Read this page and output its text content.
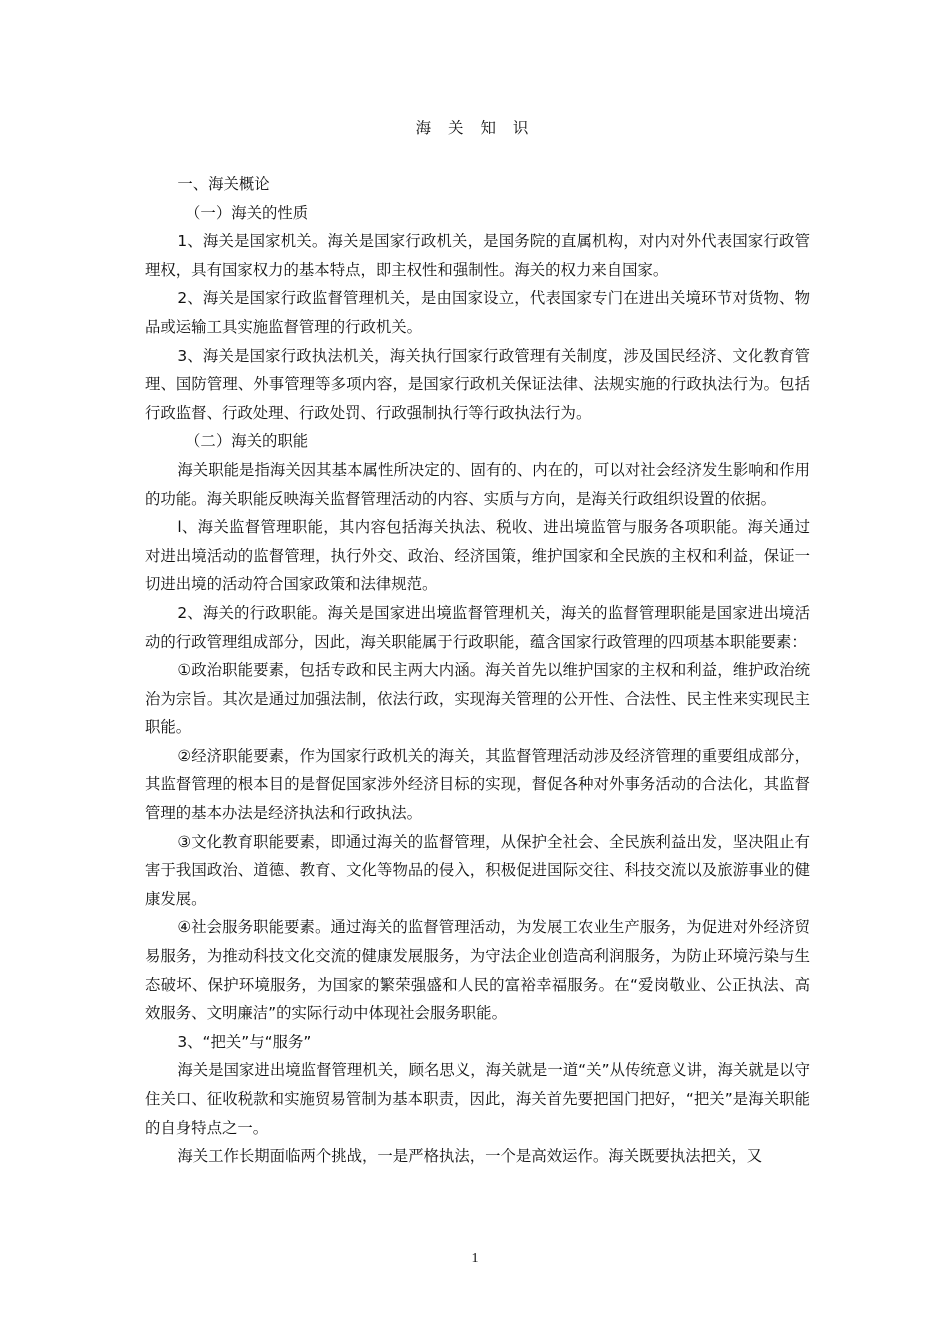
海 关 知 识

一、海关概论

（一）海关的性质

1、海关是国家机关。海关是国家行政机关，是国务院的直属机构，对内对外代表国家行政管理权，具有国家权力的基本特点，即主权性和强制性。海关的权力来自国家。

2、海关是国家行政监督管理机关，是由国家设立，代表国家专门在进出关境环节对货物、物品或运输工具实施监督管理的行政机关。

3、海关是国家行政执法机关，海关执行国家行政管理有关制度，涉及国民经济、文化教育管理、国防管理、外事管理等多项内容，是国家行政机关保证法律、法规实施的行政执法行为。包括行政监督、行政处理、行政处罚、行政强制执行等行政执法行为。

（二）海关的职能

海关职能是指海关因其基本属性所决定的、固有的、内在的，可以对社会经济发生影响和作用的功能。海关职能反映海关监督管理活动的内容、实质与方向，是海关行政组织设置的依据。

l、海关监督管理职能，其内容包括海关执法、税收、进出境监管与服务各项职能。海关通过对进出境活动的监督管理，执行外交、政治、经济国策，维护国家和全民族的主权和利益，保证一切进出境的活动符合国家政策和法律规范。

2、海关的行政职能。海关是国家进出境监督管理机关，海关的监督管理职能是国家进出境活动的行政管理组成部分，因此，海关职能属于行政职能，蕴含国家行政管理的四项基本职能要素：

①政治职能要素，包括专政和民主两大内涵。海关首先以维护国家的主权和利益，维护政治统治为宗旨。其次是通过加强法制，依法行政，实现海关管理的公开性、合法性、民主性来实现民主职能。

②经济职能要素，作为国家行政机关的海关，其监督管理活动涉及经济管理的重要组成部分，其监督管理的根本目的是督促国家涉外经济目标的实现，督促各种对外事务活动的合法化，其监督管理的基本办法是经济执法和行政执法。

③文化教育职能要素，即通过海关的监督管理，从保护全社会、全民族利益出发，坚决阻止有害于我国政治、道德、教育、文化等物品的侵入，积极促进国际交往、科技交流以及旅游事业的健康发展。

④社会服务职能要素。通过海关的监督管理活动，为发展工农业生产服务，为促进对外经济贸易服务，为推动科技文化交流的健康发展服务，为守法企业创造高利润服务，为防止环境污染与生态破坏、保护环境服务，为国家的繁荣强盛和人民的富裕幸福服务。在“爱岗敬业、公正执法、高效服务、文明廉洁”的实际行动中体现社会服务职能。

3、“把关”与“服务”

海关是国家进出境监督管理机关，顾名思义，海关就是一道“关”从传统意义讲，海关就是以守住关口、征收税款和实施贸易管制为基本职责，因此，海关首先要把国门把好，“把关”是海关职能的自身特点之一。

海关工作长期面临两个挑战，一是严格执法，一个是高效运作。海关既要执法把关，又

1
